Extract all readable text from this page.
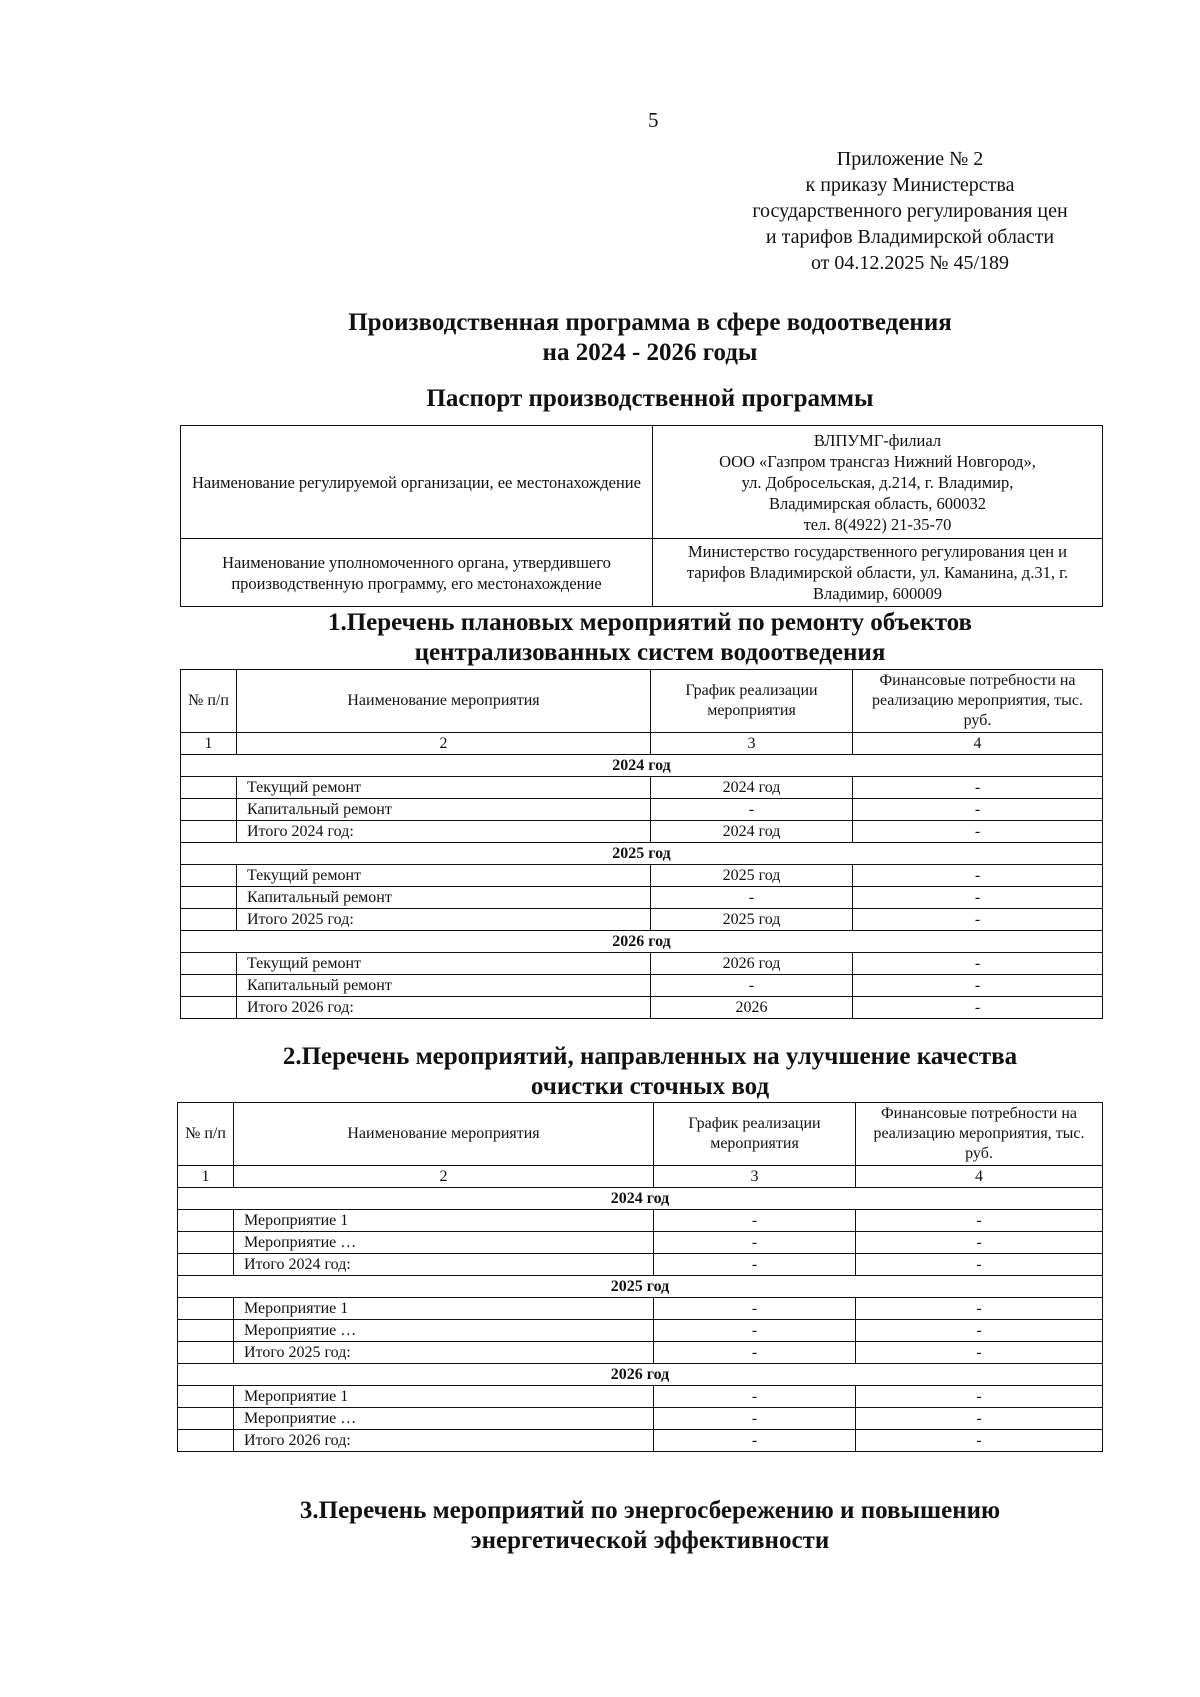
5
Приложение № 2
к приказу Министерства
государственного регулирования цен
и тарифов Владимирской области
от 04.12.2025 № 45/189
Производственная программа в сфере водоотведения
на 2024 - 2026 годы
Паспорт производственной программы
Наименование регулируемой организации, ее местонахождение	ВЛПУМГ-филиал
ООО «Газпром трансгаз Нижний Новгород»,
ул. Добросельская, д.214, г. Владимир,
Владимирская область, 600032
тел. 8(4922) 21-35-70

Наименование уполномоченного органа, утвердившего производственную программу, его местонахождение	Министерство государственного регулирования цен и тарифов Владимирской области, ул. Каманина, д.31, г. Владимир, 600009
1.Перечень плановых мероприятий по ремонту объектов
централизованных систем водоотведения
№ п/п	Наименование мероприятия	График реализации мероприятия	Финансовые потребности на реализацию мероприятия, тыс. руб.
1	2	3	4
2024 год			
	Текущий ремонт	2024 год	-
	Капитальный ремонт	-	-
	Итого 2024 год:	2024 год	-
2025 год			
	Текущий ремонт	2025 год	-
	Капитальный ремонт	-	-
	Итого 2025 год:	2025 год	-
2026 год			
	Текущий ремонт	2026 год	-
	Капитальный ремонт	-	-
	Итого 2026 год:	2026	-
2.Перечень мероприятий, направленных на улучшение качества
очистки сточных вод
№ п/п	Наименование мероприятия	График реализации мероприятия	Финансовые потребности на реализацию мероприятия, тыс. руб.
1	2	3	4
2024 год			
	Мероприятие 1	-	-
	Мероприятие …	-	-
	Итого 2024 год:	-	-
2025 год			
	Мероприятие 1	-	-
	Мероприятие …	-	-
	Итого 2025 год:	-	-
2026 год			
	Мероприятие 1	-	-
	Мероприятие …	-	-
	Итого 2026 год:	-	-
3.Перечень мероприятий по энергосбережению и повышению
энергетической эффективности
